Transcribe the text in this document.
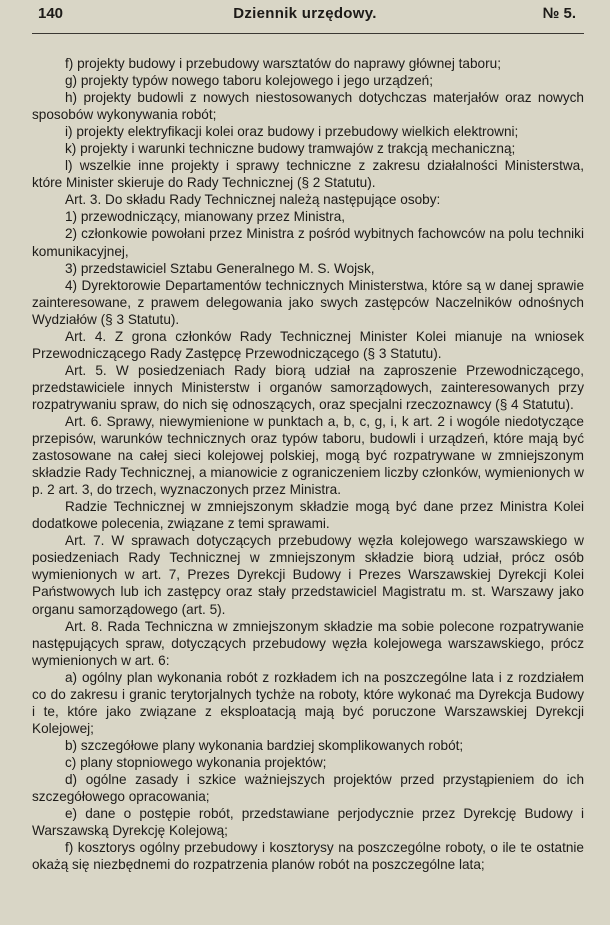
140	Dziennik urzędowy.	№ 5.

f) projekty budowy i przebudowy warsztatów do naprawy głównej taboru;

g) projekty typów nowego taboru kolejowego i jego urządzeń;

h) projekty budowli z nowych niestosowanych dotychczas materjałów oraz nowych sposobów wykonywania robót;

i) projekty elektryfikacji kolei oraz budowy i przebudowy wielkich elektrowni;

k) projekty i warunki techniczne budowy tramwajów z trakcją mechaniczną;

l) wszelkie inne projekty i sprawy techniczne z zakresu działalności Ministerstwa, które Minister skieruje do Rady Technicznej (§ 2 Statutu).

Art. 3. Do składu Rady Technicznej należą następujące osoby:

1) przewodniczący, mianowany przez Ministra,

2) członkowie powołani przez Ministra z pośród wybitnych fachowców na polu techniki komunikacyjnej,

3) przedstawiciel Sztabu Generalnego M. S. Wojsk,

4) Dyrektorowie Departamentów technicznych Ministerstwa, które są w danej sprawie zainteresowane, z prawem delegowania jako swych zastępców Naczelników odnośnych Wydziałów (§ 3 Statutu).

Art. 4. Z grona członków Rady Technicznej Minister Kolei mianuje na wniosek Przewodniczącego Rady Zastępcę Przewodniczącego (§ 3 Statutu).

Art. 5. W posiedzeniach Rady biorą udział na zaproszenie Przewodniczącego, przedstawiciele innych Ministerstw i organów samorządowych, zainteresowanych przy rozpatrywaniu spraw, do nich się odnoszących, oraz specjalni rzeczoznawcy (§ 4 Statutu).

Art. 6. Sprawy, niewymienione w punktach a, b, c, g, i, k art. 2 i wogóle niedotyczące przepisów, warunków technicznych oraz typów taboru, budowli i urządzeń, które mają być zastosowane na całej sieci kolejowej polskiej, mogą być rozpatrywane w zmniejszonym składzie Rady Technicznej, a mianowicie z ograniczeniem liczby członków, wymienionych w p. 2 art. 3, do trzech, wyznaczonych przez Ministra.

Radzie Technicznej w zmniejszonym składzie mogą być dane przez Ministra Kolei dodatkowe polecenia, związane z temi sprawami.

Art. 7. W sprawach dotyczących przebudowy węzła kolejowego warszawskiego w posiedzeniach Rady Technicznej w zmniejszonym składzie biorą udział, prócz osób wymienionych w art. 7, Prezes Dyrekcji Budowy i Prezes Warszawskiej Dyrekcji Kolei Państwowych lub ich zastępcy oraz stały przedstawiciel Magistratu m. st. Warszawy jako organu samorządowego (art. 5).

Art. 8. Rada Techniczna w zmniejszonym składzie ma sobie polecone rozpatrywanie następujących spraw, dotyczących przebudowy węzła kolejowega warszawskiego, prócz wymienionych w art. 6:

a) ogólny plan wykonania robót z rozkładem ich na poszczególne lata i z rozdziałem co do zakresu i granic terytorjalnych tychże na roboty, które wykonać ma Dyrekcja Budowy i te, które jako związane z eksploatacją mają być poruczone Warszawskiej Dyrekcji Kolejowej;

b) szczegółowe plany wykonania bardziej skomplikowanych robót;

c) plany stopniowego wykonania projektów;

d) ogólne zasady i szkice ważniejszych projektów przed przystąpieniem do ich szczegółowego opracowania;

e) dane o postępie robót, przedstawiane perjodycznie przez Dyrekcję Budowy i Warszawską Dyrekcję Kolejową;

f) kosztorys ogólny przebudowy i kosztorysy na poszczególne roboty, o ile te ostatnie okażą się niezbędnemi do rozpatrzenia planów robót na poszczególne lata;
